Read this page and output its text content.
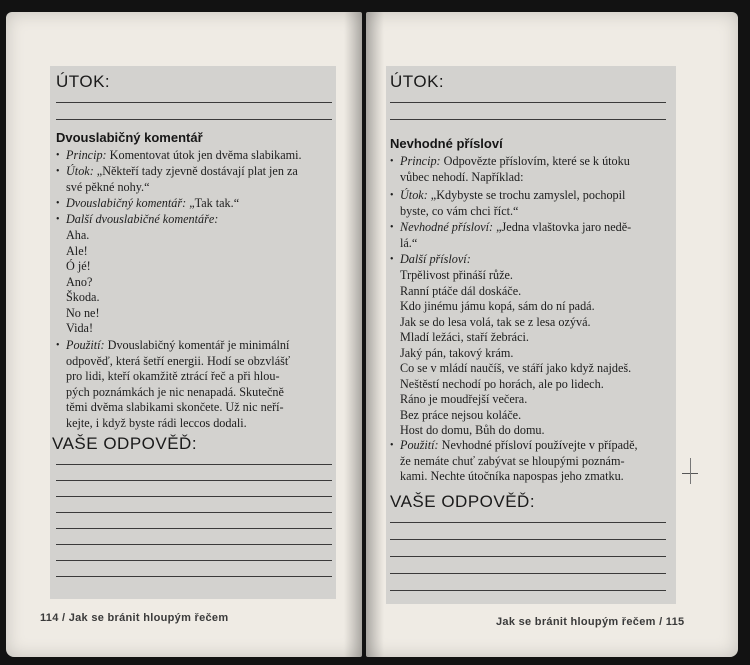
ÚTOK:
Dvouslabičný komentář
• Princip: Komentovat útok jen dvěma slabikami.
• Útok: „Někteří tady zjevně dostávají plat jen za
své pěkné nohy.“
• Dvouslabičný komentář: „Tak tak.“
• Další dvouslabičné komentáře:
Aha.
Ale!
Ó jé!
Ano?
Škoda.
No ne!
Vida!
• Použití: Dvouslabičný komentář je minimální
odpověď, která šetří energii. Hodí se obzvlášť
pro lidi, kteří okamžitě ztrácí řeč a při hlou-
pých poznámkách je nic nenapadá. Skutečně
těmi dvěma slabikami skončete. Už nic neří-
kejte, i když byste rádi leccos dodali.
VAŠE ODPOVĚĎ:
114 / Jak se bránit hloupým řečem
ÚTOK:
Nevhodné přísloví
• Princip: Odpovězte příslovím, které se k útoku
vůbec nehodí. Například:
• Útok: „Kdybyste se trochu zamyslel, pochopil
byste, co vám chci říct.“
• Nevhodné přísloví: „Jedna vlaštovka jaro nedě-
lá.“
• Další přísloví:
Trpělivost přináší růže.
Ranní ptáče dál doskáče.
Kdo jinému jámu kopá, sám do ní padá.
Jak se do lesa volá, tak se z lesa ozývá.
Mladí ležáci, staří žebráci.
Jaký pán, takový krám.
Co se v mládí naučíš, ve stáří jako když najdeš.
Neštěstí nechodí po horách, ale po lidech.
Ráno je moudřejší večera.
Bez práce nejsou koláče.
Host do domu, Bůh do domu.
• Použití: Nevhodné přísloví používejte v případě,
že nemáte chuť zabývat se hloupými poznám-
kami. Nechte útočníka napospas jeho zmatku.
VAŠE ODPOVĚĎ:
Jak se bránit hloupým řečem / 115
